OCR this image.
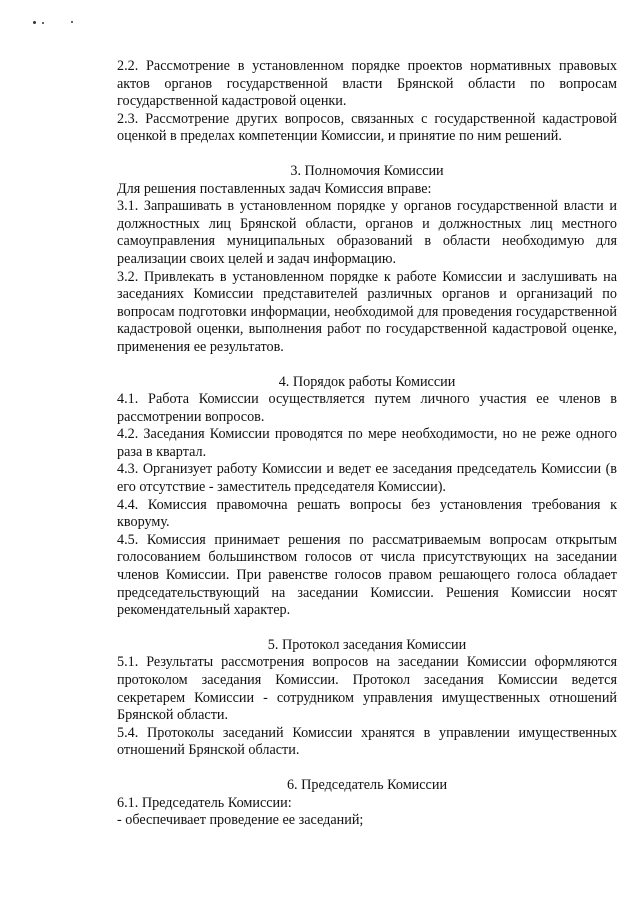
2.2. Рассмотрение в установленном порядке проектов нормативных правовых актов органов государственной власти Брянской области по вопросам государственной кадастровой оценки.

2.3. Рассмотрение других вопросов, связанных с государственной кадастровой оценкой в пределах компетенции Комиссии, и принятие по ним решений.

3. Полномочия Комиссии

Для решения поставленных задач Комиссия вправе:

3.1. Запрашивать в установленном порядке у органов государственной власти и должностных лиц Брянской области, органов и должностных лиц местного самоуправления муниципальных образований в области необходимую для реализации своих целей и задач информацию.

3.2. Привлекать в установленном порядке к работе Комиссии и заслушивать на заседаниях Комиссии представителей различных органов и организаций по вопросам подготовки информации, необходимой для проведения государственной кадастровой оценки, выполнения работ по государственной кадастровой оценке, применения ее результатов.

4. Порядок работы Комиссии

4.1. Работа Комиссии осуществляется путем личного участия ее членов в рассмотрении вопросов.

4.2. Заседания Комиссии проводятся по мере необходимости, но не реже одного раза в квартал.

4.3. Организует работу Комиссии и ведет ее заседания председатель Комиссии (в его отсутствие - заместитель председателя Комиссии).

4.4. Комиссия правомочна решать вопросы без установления требования к кворуму.

4.5. Комиссия принимает решения по рассматриваемым вопросам открытым голосованием большинством голосов от числа присутствующих на заседании членов Комиссии. При равенстве голосов правом решающего голоса обладает председательствующий на заседании Комиссии. Решения Комиссии носят рекомендательный характер.

5. Протокол заседания Комиссии

5.1. Результаты рассмотрения вопросов на заседании Комиссии оформляются протоколом заседания Комиссии. Протокол заседания Комиссии ведется секретарем Комиссии - сотрудником управления имущественных отношений Брянской области.

5.4. Протоколы заседаний Комиссии хранятся в управлении имущественных отношений Брянской области.

6. Председатель Комиссии

6.1. Председатель Комиссии:

- обеспечивает проведение ее заседаний;
